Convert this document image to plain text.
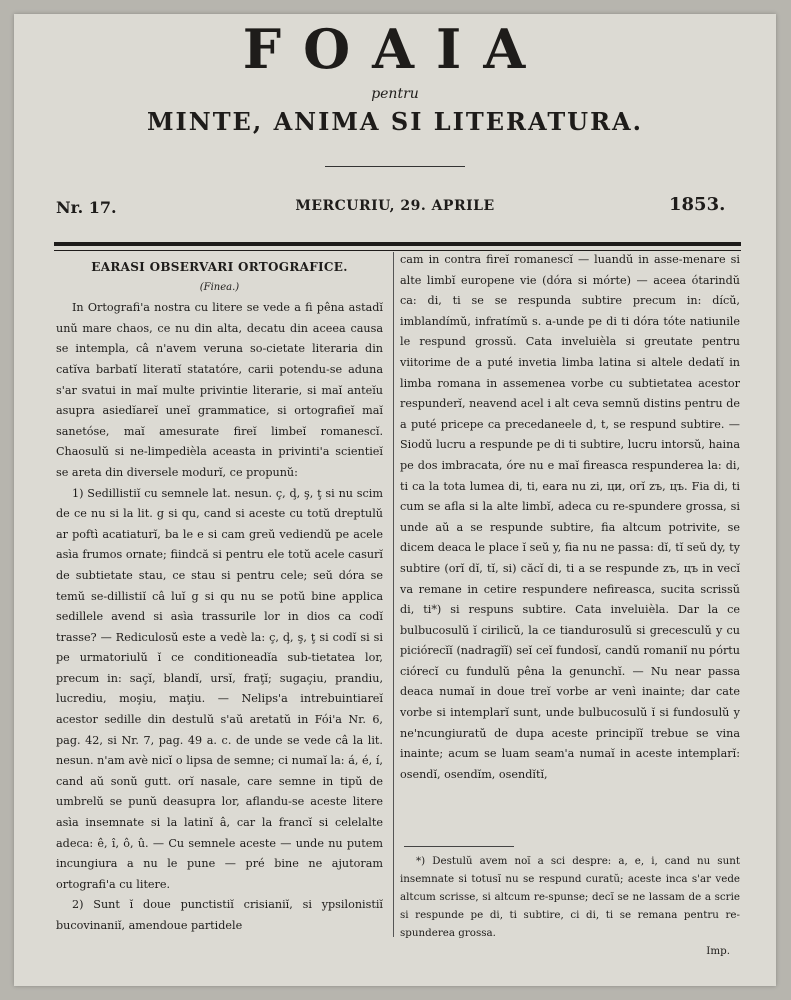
FOAIA
pentru
MINTE, ANIMA SI LITERATURA.
Nr. 17.	MERCURIU, 29. APRILE	1853.

EARASI OBSERVARI ORTOGRAFICE.

(Finea.)

In Ortografi'a nostra cu litere se vede a fi pêna astadĭ unŭ mare chaos, ce nu din alta, decatu din aceea causa se intempla, câ n'avem veruna so-cietate literaria din catĭva barbatĭ literatĭ statatóre, carii potendu-se aduna s'ar svatui in maĭ multe privintie literarie, si maĭ anteĭu asupra asiedĭareĭ uneĭ grammatice, si ortografieĭ maĭ sanetóse, maĭ amesurate fireĭ limbeĭ romanescĭ. Chaosulŭ si ne-limpedièla aceasta in privinti'a scientieĭ se areta din diversele modurĭ, ce propunŭ:

1) Sedillistiĭ cu semnele lat. nesun. ç, ḑ, ş, ţ si nu scim de ce nu si la lit. g si qu, cand si aceste cu totŭ dreptulŭ ar poftì acatiaturĭ, ba le e si cam greŭ vediendŭ pe acele asìa frumos ornate; fiindcă si pentru ele totŭ acele casurĭ de subtietate stau, ce stau si pentru cele; seŭ dóra se temŭ se-dillistiĭ câ luĭ g si qu nu se potŭ bine applica sedillele avend si asìa trassurile lor in dios ca codĭ trasse? — Rediculosŭ este a vedè la: ç, ḑ, ş, ţ si codĭ si si pe urmatoriulŭ ĭ ce conditioneadĭa sub-tietatea lor, precum in: saçĭ, blandĭ, ursĭ, fraţĭ; sugaçiu, prandiu, lucrediu, moşiu, maţiu. — Nelips'a intrebuintiareĭ acestor sedille din destulŭ s'aŭ aretatŭ in Fói'a Nr. 6, pag. 42, si Nr. 7, pag. 49 a. c. de unde se vede câ la lit. nesun. n'am avè nicĭ o lipsa de semne; ci numaĭ la: á, é, í, cand aŭ sonŭ gutt. orĭ nasale, care semne in tipŭ de umbrelŭ se punŭ deasupra lor, aflandu-se aceste litere asìa insemnate si la latinĭ â, car la francĭ si celelalte adeca: ê, î, ô, û. — Cu semnele aceste — unde nu putem incungiura a nu le pune — pré bine ne ajutoram ortografi'a cu litere.

2) Sunt ĭ doue punctistiĭ crisianiĭ, si ypsilonistiĭ bucovinaniĭ, amendoue partidele

cam in contra fireĭ romanescĭ — luandŭ in asse-menare si alte limbĭ europene vie (dóra si mórte) — aceea ótarindŭ ca: di, ti se se respunda subtire precum in: dícŭ, imblandímŭ, infratímŭ s. a-unde pe di ti dóra tóte natiunile le respund grossŭ. Cata inveluièla si greutate pentru viitorime de a puté invetia limba latina si altele dedatĭ in limba romana in assemenea vorbe cu subtietatea acestor respunderĭ, neavend acel i alt ceva semnŭ distins pentru de a puté pricepe ca precedaneele d, t, se respund subtire. — Siodŭ lucru a respunde pe di ti subtire, lucru intorsŭ, haina pe dos imbracata, óre nu e maĭ fireasca respunderea la: di, ti ca la tota lumea di, ti, eara nu zi, ци, orĭ zъ, цъ. Fia di, ti cum se afla si la alte limbĭ, adeca cu re-spundere grossa, si unde aŭ a se respunde subtire, fia altcum potrivite, se dicem deaca le place ĭ seŭ y, fia nu ne passa: dĭ, tĭ seŭ dy, ty subtire (orĭ dĭ, tĭ, si) căcĭ di, ti a se respunde zъ, цъ in vecĭ va remane in cetire respundere nefireasca, sucita scrissŭ di, ti*) si respuns subtire. Cata inveluièla. Dar la ce bulbucosulŭ ĭ cirilicŭ, la ce tiandurosulŭ si grecesculŭ y cu piciórecĭĭ (nadragĭĭ) seĭ ceĭ fundosĭ, candŭ romaniĭ nu pórtu ciórecĭ cu fundulŭ pêna la genunchĭ. — Nu near passa deaca numaĭ in doue treĭ vorbe ar venì inainte; dar cate vorbe si intemplarĭ sunt, unde bulbucosulŭ ĭ si fundosulŭ y ne'ncungiuratŭ de dupa aceste principĭĭ trebue se vina inainte; acum se luam seam'a numaĭ in aceste intemplarĭ: osendĭ, osendĭm, osendĭtĭ,

*) Destulŭ avem noĭ a sci despre: a, e, i, cand nu sunt insemnate si totusĭ nu se respund curatŭ; aceste inca s'ar vede altcum scrisse, si altcum re-spunse; decĭ se ne lassam de a scrie si respunde pe di, ti subtire, ci di, ti se remana pentru re-spunderea grossa.

Imp.
